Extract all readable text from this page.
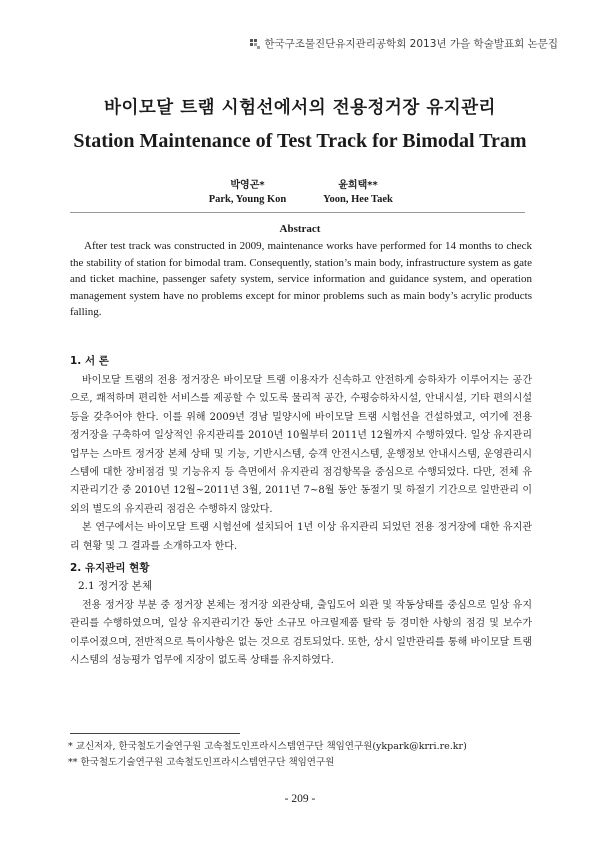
한국구조물진단유지관리공학회 2013년 가을 학술발표회 논문집
바이모달 트램 시험선에서의 전용정거장 유지관리
Station Maintenance of Test Track for Bimodal Tram
박영곤*
Park, Young Kon
윤희택**
Yoon, Hee Taek
Abstract
After test track was constructed in 2009, maintenance works have performed for 14 months to check the stability of station for bimodal tram. Consequently, station’s main body, infrastructure system as gate and ticket machine, passenger safety system, service information and guidance system, and operation management system have no problems except for minor problems such as main body’s acrylic products falling.
1. 서 론

바이모달 트램의 전용 정거장은 바이모달 트램 이용자가 신속하고 안전하게 승하차가 이루어지는 공간으로, 쾌적하며 편리한 서비스를 제공할 수 있도록 물리적 공간, 수평승하차시설, 안내시설, 기타 편의시설 등을 갖추어야 한다. 이를 위해 2009년 경남 밀양시에 바이모달 트램 시험선을 건설하였고, 여기에 전용 정거장을 구축하여 일상적인 유지관리를 2010년 10월부터 2011년 12월까지 수행하였다. 일상 유지관리 업무는 스마트 정거장 본체 상태 및 기능, 기반시스템, 승객 안전시스템, 운행정보 안내시스템, 운영관리시스템에 대한 장비점검 및 기능유지 등 측면에서 유지관리 점검항목을 중심으로 수행되었다. 다만, 전체 유지관리기간 중 2010년 12월~2011년 3월, 2011년 7~8월 동안 동절기 및 하절기 기간으로 일반관리 이외의 별도의 유지관리 점검은 수행하지 않았다.

본 연구에서는 바이모달 트램 시험선에 설치되어 1년 이상 유지관리 되었던 전용 정거장에 대한 유지관리 현황 및 그 결과를 소개하고자 한다.

2. 유지관리 현황
2.1 정거장 본체

전용 정거장 부분 중 정거장 본체는 정거장 외관상태, 출입도어 외관 및 작동상태를 중심으로 일상 유지관리를 수행하였으며, 일상 유지관리기간 동안 소규모 아크릴제품 탈락 등 경미한 사항의 점검 및 보수가 이루어졌으며, 전반적으로 특이사항은 없는 것으로 검토되었다. 또한, 상시 일반관리를 통해 바이모달 트램 시스템의 성능평가 업무에 지장이 없도록 상태를 유지하였다.

* 교신저자, 한국철도기술연구원 고속철도인프라시스템연구단 책임연구원(ykpark@krri.re.kr)
** 한국철도기술연구원 고속철도인프라시스템연구단 책임연구원
- 209 -
